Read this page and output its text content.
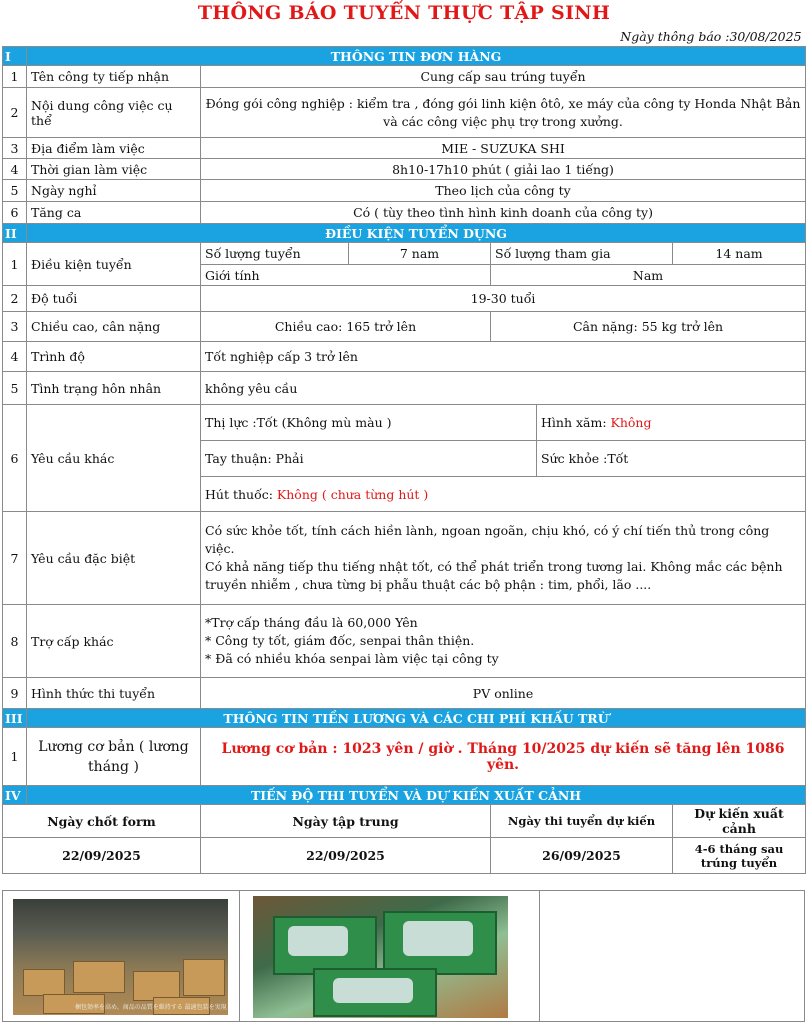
THÔNG BÁO TUYỂN THỰC TẬP SINH						
Ngày thông báo :30/08/2025						
I	THÔNG TIN ĐƠN HÀNG					
1	Tên công ty tiếp nhận	Cung cấp sau trúng tuyển				
2	Nội dung công việc cụ thể	Đóng gói công nghiệp : kiểm tra , đóng gói linh kiện ôtô, xe máy của công ty Honda Nhật Bản và các công việc phụ trợ trong xưởng.				
3	Địa điểm làm việc	MIE - SUZUKA SHI				
4	Thời gian làm việc	8h10-17h10 phút ( giải lao 1 tiếng)				
5	Ngày nghỉ	Theo lịch của công ty				
6	Tăng ca	Có ( tùy theo tình hình kinh doanh của công ty)				
II	ĐIỀU KIỆN TUYỂN DỤNG					
1	Điều kiện tuyển	Số lượng tuyển	7 nam	Số lượng tham gia		14 nam
		Giới tính		Nam		
2	Độ tuổi	19-30 tuổi				
3	Chiều cao, cân nặng	Chiều cao: 165 trở lên		Cân nặng: 55 kg trở lên		
4	Trình độ	Tốt nghiệp cấp 3 trở lên				
5	Tình trạng hôn nhân	không yêu cầu				
6	Yêu cầu khác	Thị lực :Tốt (Không mù màu )			Hình xăm: Không	
		Tay thuận: Phải			Sức khỏe :Tốt	
		Hút thuốc: Không ( chưa từng hút )				
7	Yêu cầu đặc biệt	Có sức khỏe tốt, tính cách hiền lành, ngoan ngoãn, chịu khó, có ý chí tiến thủ trong công việc.
Có khả năng tiếp thu tiếng nhật tốt, có thể phát triển trong tương lai. Không mắc các bệnh truyền nhiễm , chưa từng bị phẫu thuật các bộ phận : tim, phổi, lão ....				

8	Trợ cấp khác	*Trợ cấp tháng đầu là 60,000 Yên
* Công ty tốt, giám đốc, senpai thân thiện.
* Đã có nhiều khóa senpai làm việc tại công ty				

9	Hình thức thi tuyển	PV online				
III	THÔNG TIN TIỀN LƯƠNG VÀ CÁC CHI PHÍ KHẤU TRỪ					
1	Lương cơ bản ( lương tháng )	Lương cơ bản : 1023 yên / giờ . Tháng 10/2025 dự kiến sẽ tăng lên 1086 yên.				
IV	TIẾN ĐỘ THI TUYỂN VÀ DỰ KIẾN XUẤT CẢNH					
Ngày chốt form		Ngày tập trung		Ngày thi tuyển dự kiến		Dự kiến xuất cảnh
22/09/2025		22/09/2025		26/09/2025		4-6 tháng sau trúng tuyển
梱包効率を高め、商品の品質を維持する 最適包装を実現
